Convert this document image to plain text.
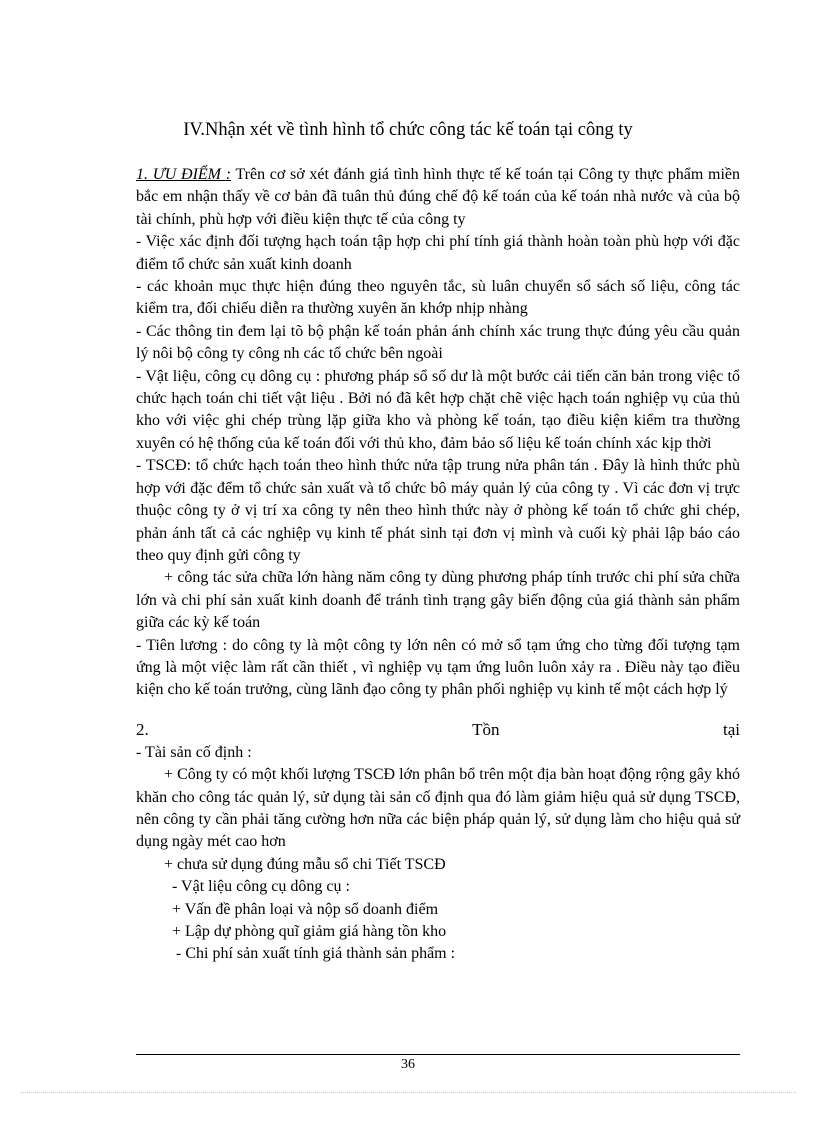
IV.Nhận xét về tình hình tổ chức công tác kế toán tại công ty

1. ƯU ĐIỂM : Trên cơ sở xét đánh giá tình hình thực tế kế toán tại Công ty thực phẩm miền bắc em nhận thấy về cơ bản đã tuân thủ đúng chế độ kế toán của kế toán nhà nước và của bộ tài chính, phù hợp với điều kiện thực tế của công ty

- Việc xác định đối tượng hạch toán tập hợp chi phí tính giá thành hoàn toàn phù hợp với đặc điểm tổ chức sản xuất kinh doanh

- các khoản mục thực hiện đúng theo nguyên tắc, sù luân chuyển sổ sách số liệu, công tác kiểm tra, đối chiếu diễn ra thường xuyên ăn khớp nhịp nhàng

- Các thông tin đem lại tõ bộ phận kế toán phản ánh chính xác trung thực đúng yêu cầu quản lý nôi bộ công ty công nh các tổ chức bên ngoài

- Vật liệu, công cụ dông cụ : phương pháp sổ số dư là một bước cải tiến căn bản trong việc tổ chức hạch toán chi tiết vật liệu . Bởi nó đã kêt hợp chặt chẽ việc hạch toán nghiệp vụ của thủ kho với việc ghi chép trùng lặp giữa kho và phòng kế toán, tạo điều kiện kiểm tra thường xuyên có hệ thống của kế toán đối với thủ kho, đảm bảo số liệu kế toán chính xác kịp thời

- TSCĐ: tổ chức hạch toán theo hình thức nửa tập trung nửa phân tán . Đây là hình thức phù hợp với đặc đểm tổ chức sản xuất và tổ chức bô máy quản lý của công ty . Vì các đơn vị trực thuộc công ty ở vị trí xa công ty nên theo hình thức này ở phòng kế toán tổ chức ghi chép, phản ánh tất cả các nghiệp vụ kinh tế phát sinh tại đơn vị mình và cuối kỳ phải lập báo cáo theo quy định gửi công ty

+ công tác sửa chữa lớn hàng năm công ty dùng phương pháp tính trước chi phí sửa chữa lớn và chi phí sản xuất kinh doanh để tránh tình trạng gây biến động của giá thành sản phẩm giữa các kỳ kế toán

- Tiên lương : do công ty là một công ty lớn nên có mở sổ tạm ứng cho từng đối tượng tạm ứng là một việc làm rất cần thiết , vì nghiệp vụ tạm ứng luôn luôn xảy ra . Điều này tạo điều kiện cho kế toán trưởng, cùng lãnh đạo công ty phân phối nghiệp vụ kinh tế một cách hợp lý

2.	Tồn	tại

- Tài sản cố định :

+ Công ty có một khối lượng TSCĐ lớn phân bổ trên một địa bàn hoạt động rộng gây khó khăn cho công tác quản lý, sử dụng tài sản cố định qua đó làm giảm hiệu quả sử dụng TSCĐ, nên công ty cần phải tăng cường hơn nữa các biện pháp quản lý, sử dụng làm cho hiệu quả sử dụng ngày mét cao hơn

+ chưa sử dụng đúng mẫu sổ chi Tiết TSCĐ

- Vật liệu công cụ dông cụ :

+ Vấn đề phân loại và nộp sổ doanh điểm

+ Lập dự phòng quĩ giảm giá hàng tồn kho

- Chi phí sản xuất tính giá thành sản phẩm :

36
